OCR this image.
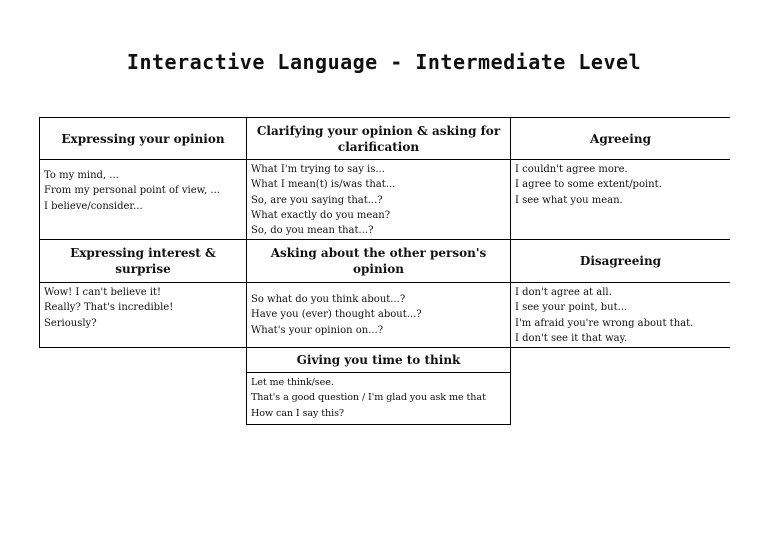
Interactive Language - Intermediate Level
Expressing your opinion
Clarifying your opinion & asking for clarification
Agreeing
To my mind, ...
From my personal point of view, ...
I believe/consider...
What I'm trying to say is...
What I mean(t) is/was that...
So, are you saying that...?
What exactly do you mean?
So, do you mean that...?
I couldn't agree more.
I agree to some extent/point.
I see what you mean.
Expressing interest & surprise
Asking about the other person's opinion
Disagreeing
Wow! I can't believe it!
Really? That's incredible!
Seriously?
So what do you think about...?
Have you (ever) thought about...?
What's your opinion on...?
I don't agree at all.
I see your point, but...
I'm afraid you're wrong about that.
I don't see it that way.
Giving you time to think
Let me think/see.
That's a good question / I'm glad you ask me that
How can I say this?
